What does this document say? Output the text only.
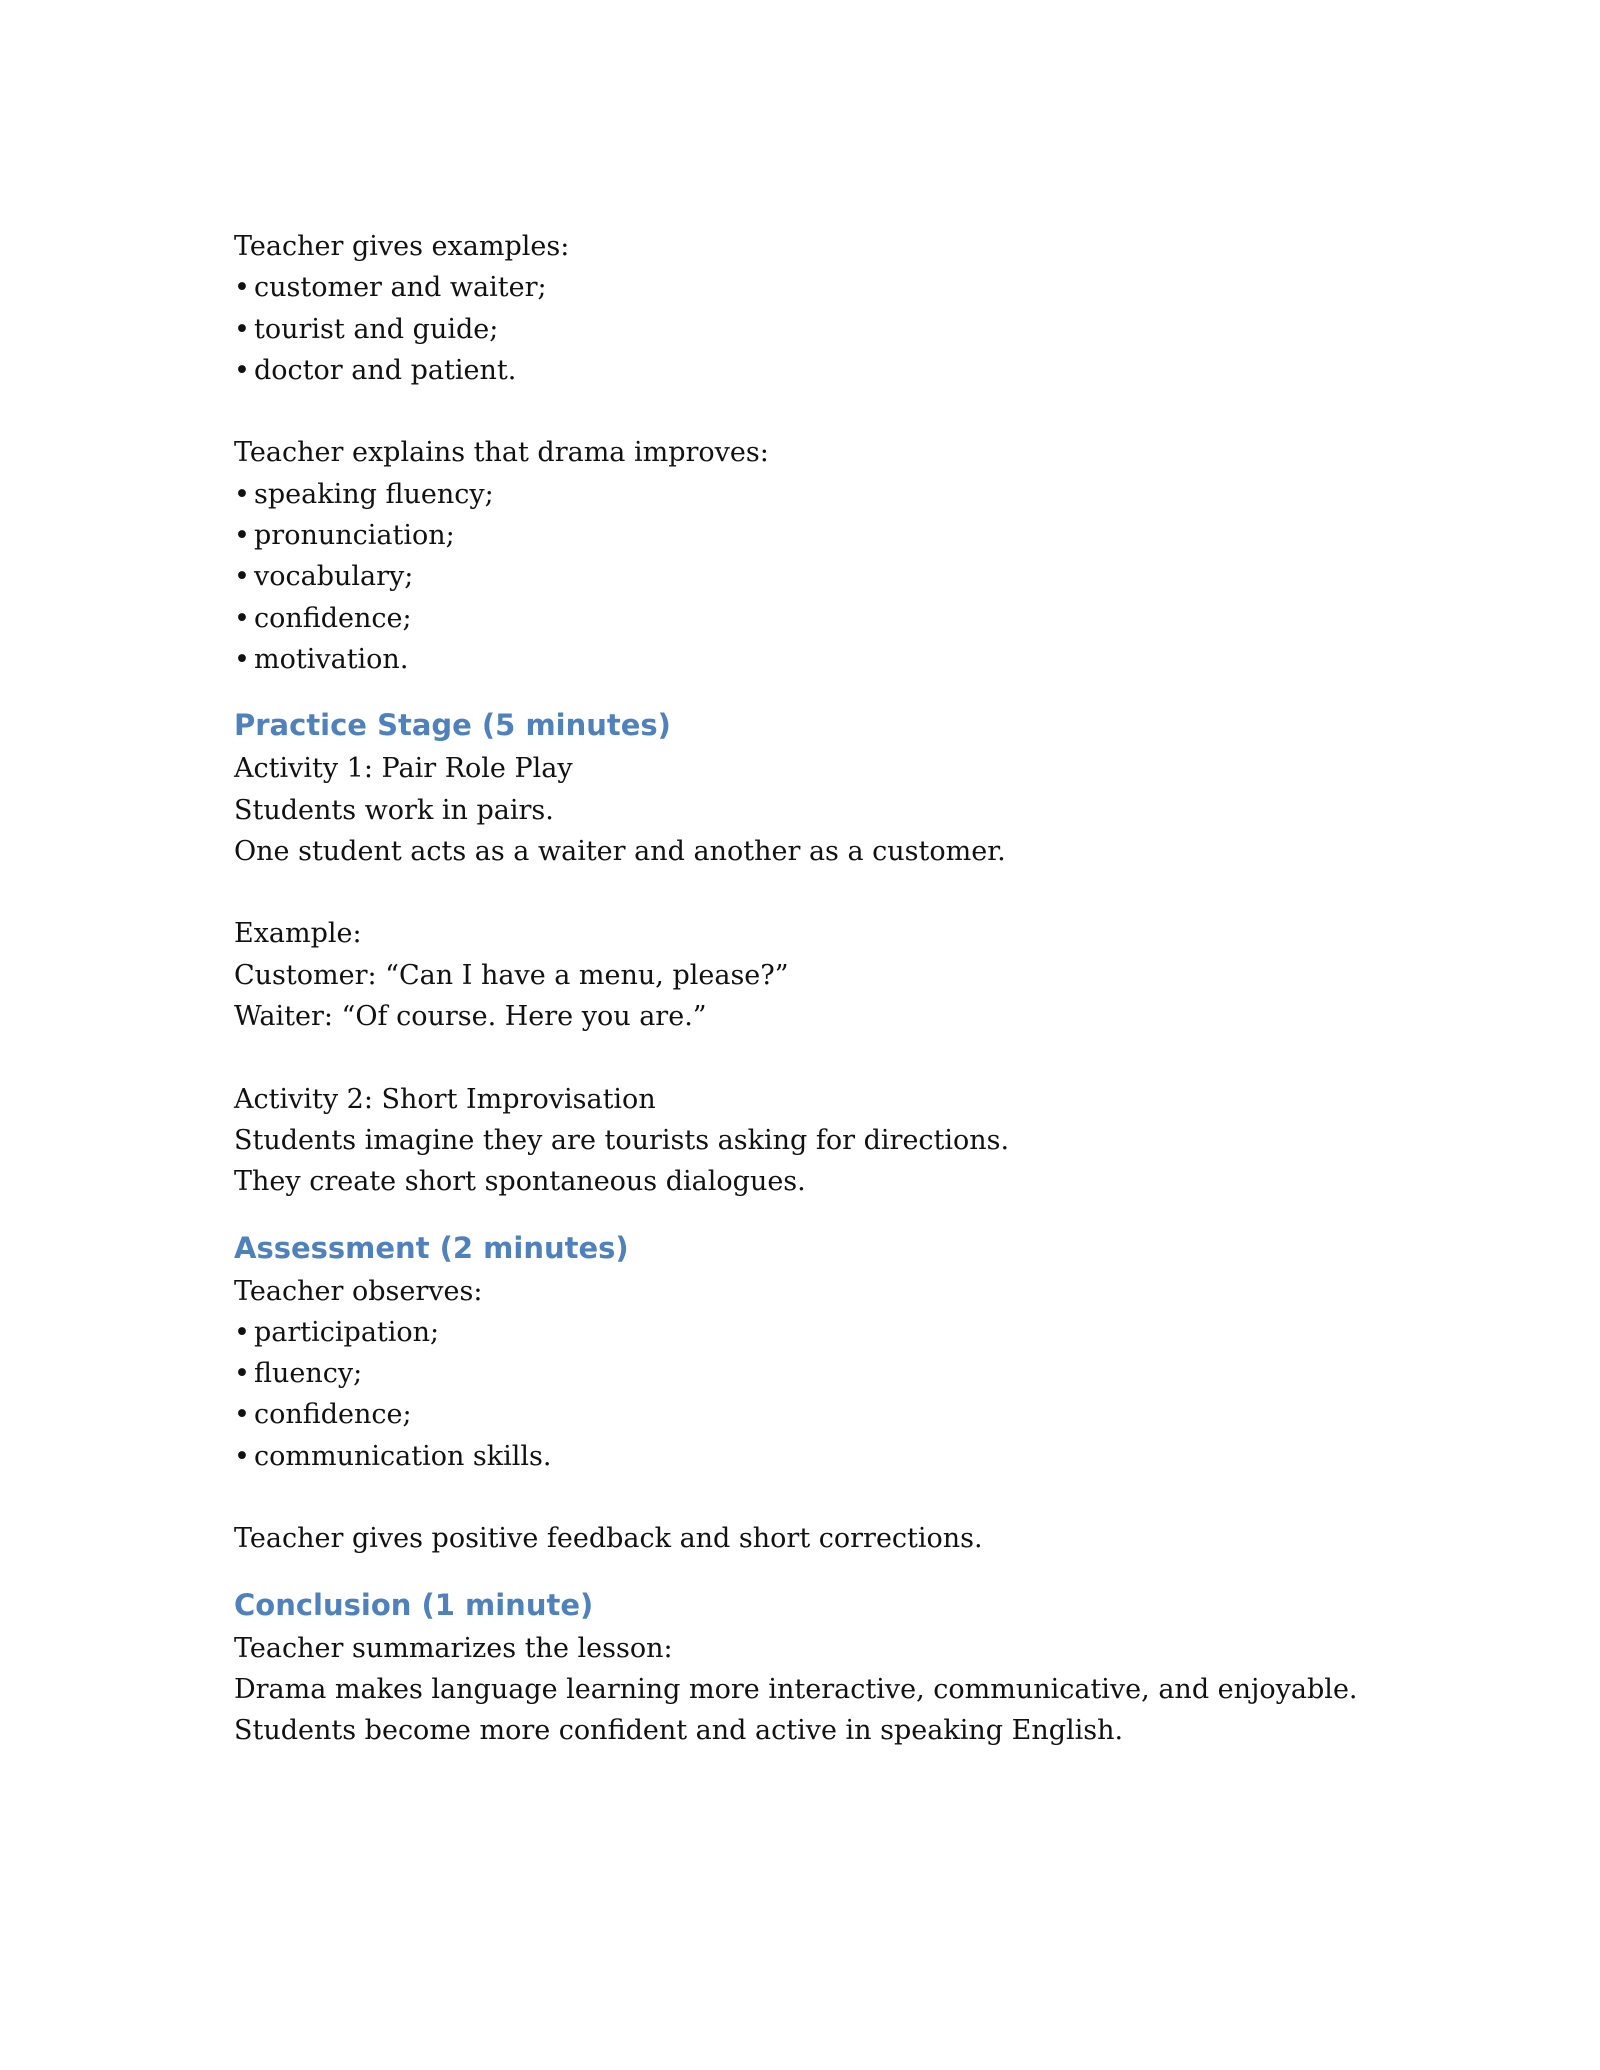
Teacher gives examples:
• customer and waiter;
• tourist and guide;
• doctor and patient.
Teacher explains that drama improves:
• speaking fluency;
• pronunciation;
• vocabulary;
• confidence;
• motivation.
Practice Stage (5 minutes)
Activity 1: Pair Role Play
Students work in pairs.
One student acts as a waiter and another as a customer.
Example:
Customer: “Can I have a menu, please?”
Waiter: “Of course. Here you are.”
Activity 2: Short Improvisation
Students imagine they are tourists asking for directions.
They create short spontaneous dialogues.
Assessment (2 minutes)
Teacher observes:
• participation;
• fluency;
• confidence;
• communication skills.
Teacher gives positive feedback and short corrections.
Conclusion (1 minute)
Teacher summarizes the lesson:
Drama makes language learning more interactive, communicative, and enjoyable.
Students become more confident and active in speaking English.
